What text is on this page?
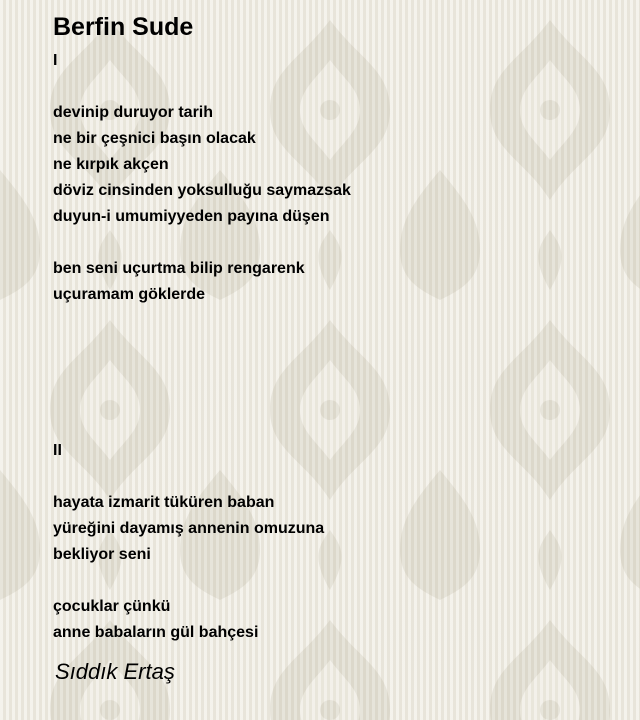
Berfin Sude
I
devinip duruyor tarih
ne bir çeşnici başın olacak
ne kırpık akçen
döviz cinsinden yoksulluğu saymazsak
duyun-i umumiyyeden payına düşen
ben seni uçurtma bilip rengarenk
uçuramam göklerde
II
hayata izmarit tüküren baban
yüreğini dayamış annenin omuzuna
bekliyor seni
çocuklar çünkü
anne babaların gül bahçesi
Sıddık Ertaş
